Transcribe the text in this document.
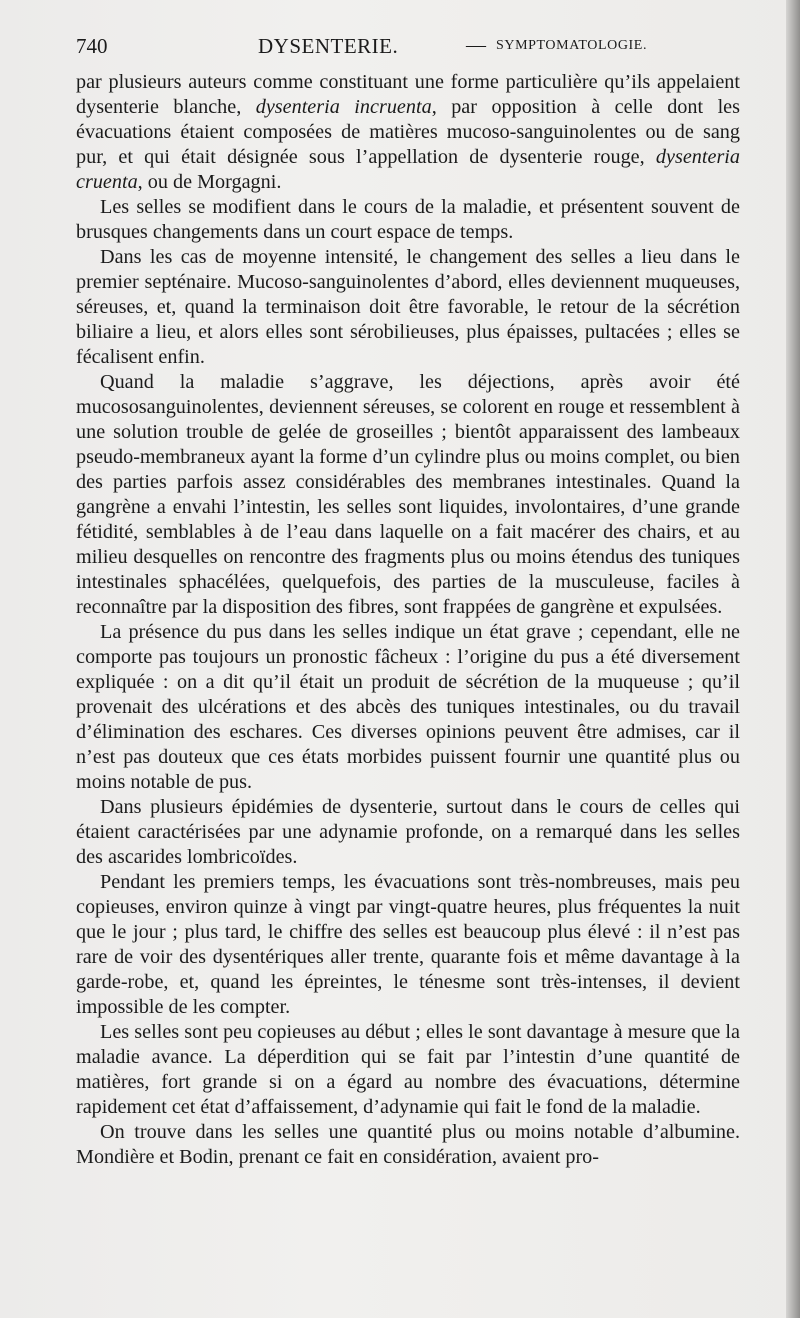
740	DYSENTERIE.	— SYMPTOMATOLOGIE.

par plusieurs auteurs comme constituant une forme particulière qu’ils appelaient dysenterie blanche, dysenteria incruenta, par opposition à celle dont les évacuations étaient composées de matières mucoso-sanguinolentes ou de sang pur, et qui était désignée sous l’appellation de dysenterie rouge, dysenteria cruenta, ou de Morgagni.

Les selles se modifient dans le cours de la maladie, et présentent souvent de brusques changements dans un court espace de temps.

Dans les cas de moyenne intensité, le changement des selles a lieu dans le premier septénaire. Mucoso-sanguinolentes d’abord, elles deviennent muqueuses, séreuses, et, quand la terminaison doit être favorable, le retour de la sécrétion biliaire a lieu, et alors elles sont sérobilieuses, plus épaisses, pultacées ; elles se fécalisent enfin.

Quand la maladie s’aggrave, les déjections, après avoir été mucososanguinolentes, deviennent séreuses, se colorent en rouge et ressemblent à une solution trouble de gelée de groseilles ; bientôt apparaissent des lambeaux pseudo-membraneux ayant la forme d’un cylindre plus ou moins complet, ou bien des parties parfois assez considérables des membranes intestinales. Quand la gangrène a envahi l’intestin, les selles sont liquides, involontaires, d’une grande fétidité, semblables à de l’eau dans laquelle on a fait macérer des chairs, et au milieu desquelles on rencontre des fragments plus ou moins étendus des tuniques intestinales sphacélées, quelquefois, des parties de la musculeuse, faciles à reconnaître par la disposition des fibres, sont frappées de gangrène et expulsées.

La présence du pus dans les selles indique un état grave ; cependant, elle ne comporte pas toujours un pronostic fâcheux : l’origine du pus a été diversement expliquée : on a dit qu’il était un produit de sécrétion de la muqueuse ; qu’il provenait des ulcérations et des abcès des tuniques intestinales, ou du travail d’élimination des eschares. Ces diverses opinions peuvent être admises, car il n’est pas douteux que ces états morbides puissent fournir une quantité plus ou moins notable de pus.

Dans plusieurs épidémies de dysenterie, surtout dans le cours de celles qui étaient caractérisées par une adynamie profonde, on a remarqué dans les selles des ascarides lombricoïdes.

Pendant les premiers temps, les évacuations sont très-nombreuses, mais peu copieuses, environ quinze à vingt par vingt-quatre heures, plus fréquentes la nuit que le jour ; plus tard, le chiffre des selles est beaucoup plus élevé : il n’est pas rare de voir des dysentériques aller trente, quarante fois et même davantage à la garde-robe, et, quand les épreintes, le ténesme sont très-intenses, il devient impossible de les compter.

Les selles sont peu copieuses au début ; elles le sont davantage à mesure que la maladie avance. La déperdition qui se fait par l’intestin d’une quantité de matières, fort grande si on a égard au nombre des évacuations, détermine rapidement cet état d’affaissement, d’adynamie qui fait le fond de la maladie.

On trouve dans les selles une quantité plus ou moins notable d’albumine. Mondière et Bodin, prenant ce fait en considération, avaient pro-
